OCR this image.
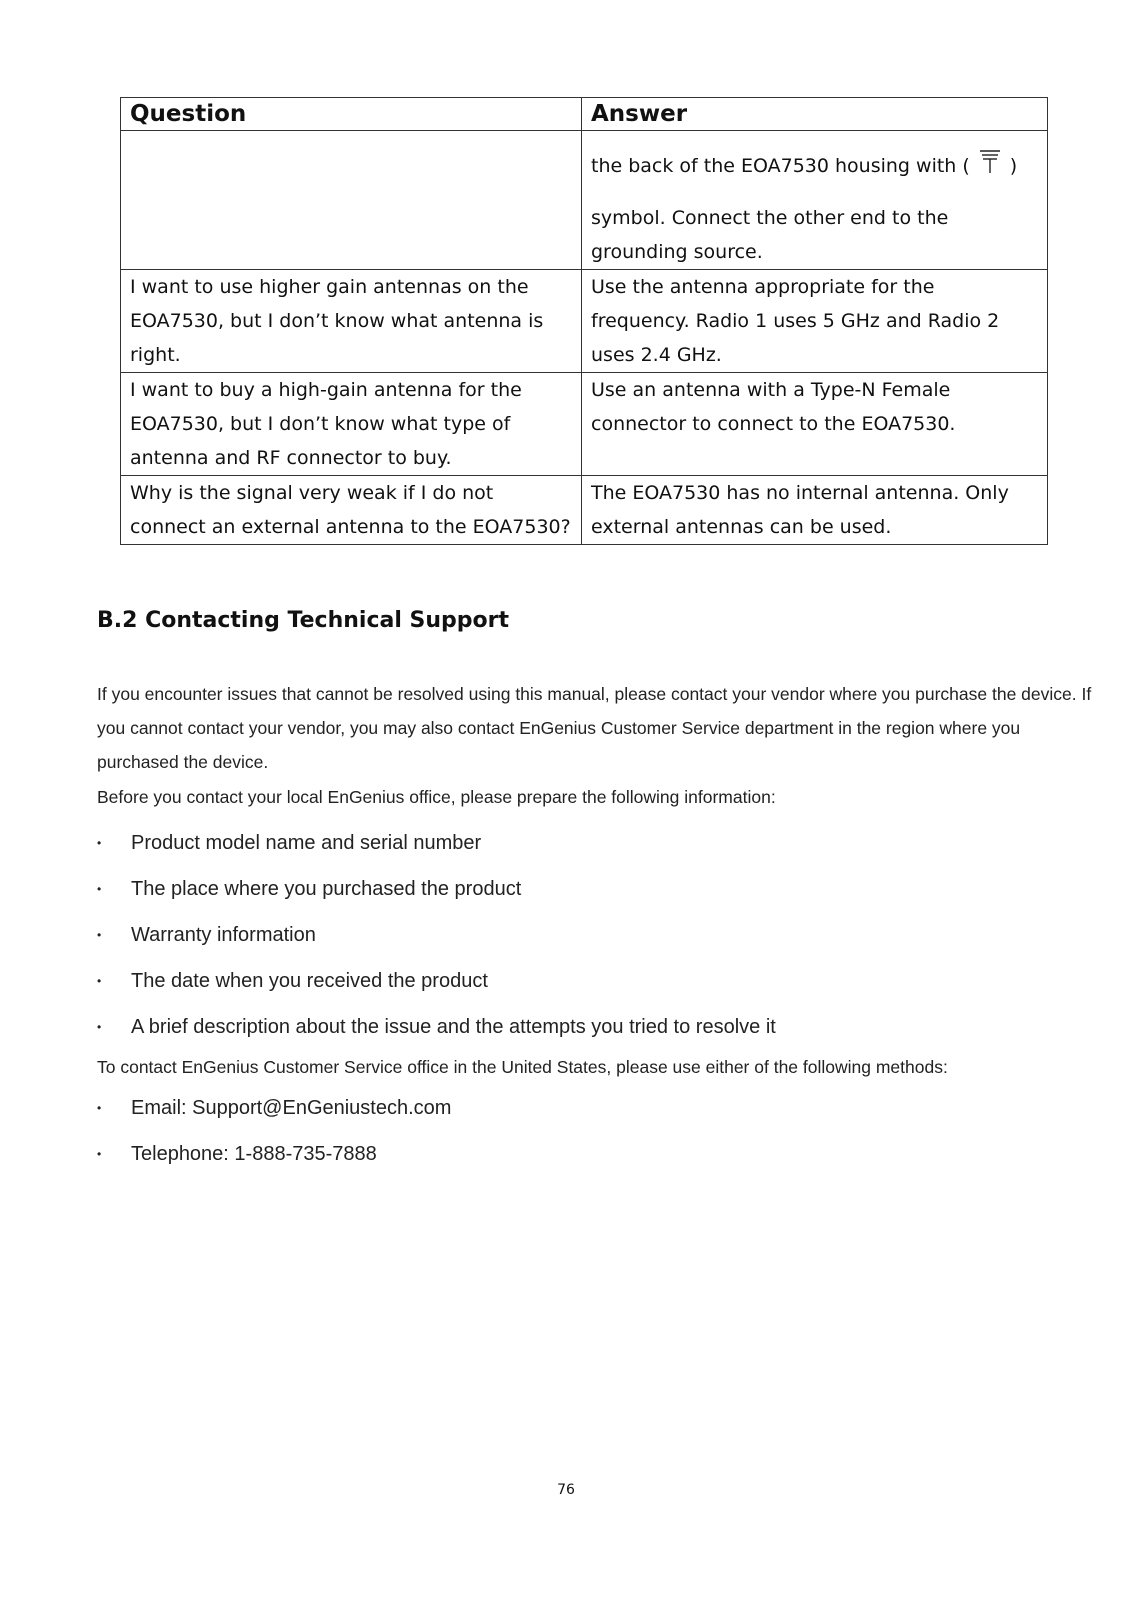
Question	Answer

	the back of the EOA7530 housing with ( )
symbol. Connect the other end to the grounding source.

I want to use higher gain antennas on the EOA7530, but I don’t know what antenna is right.	Use the antenna appropriate for the frequency. Radio 1 uses 5 GHz and Radio 2 uses 2.4 GHz.
I want to buy a high-gain antenna for the EOA7530, but I don’t know what type of antenna and RF connector to buy.	Use an antenna with a Type-N Female connector to connect to the EOA7530.
Why is the signal very weak if I do not connect an external antenna to the EOA7530?	The EOA7530 has no internal antenna. Only external antennas can be used.
B.2 Contacting Technical Support
If you encounter issues that cannot be resolved using this manual, please contact your vendor where you purchase the device. If you cannot contact your vendor, you may also contact EnGenius Customer Service department in the region where you purchased the device.
Before you contact your local EnGenius office, please prepare the following information:
•	Product model name and serial number
•	The place where you purchased the product
•	Warranty information
•	The date when you received the product
•	A brief description about the issue and the attempts you tried to resolve it
To contact EnGenius Customer Service office in the United States, please use either of the following methods:
•	Email: Support@EnGeniustech.com
•	Telephone: 1-888-735-7888
76
